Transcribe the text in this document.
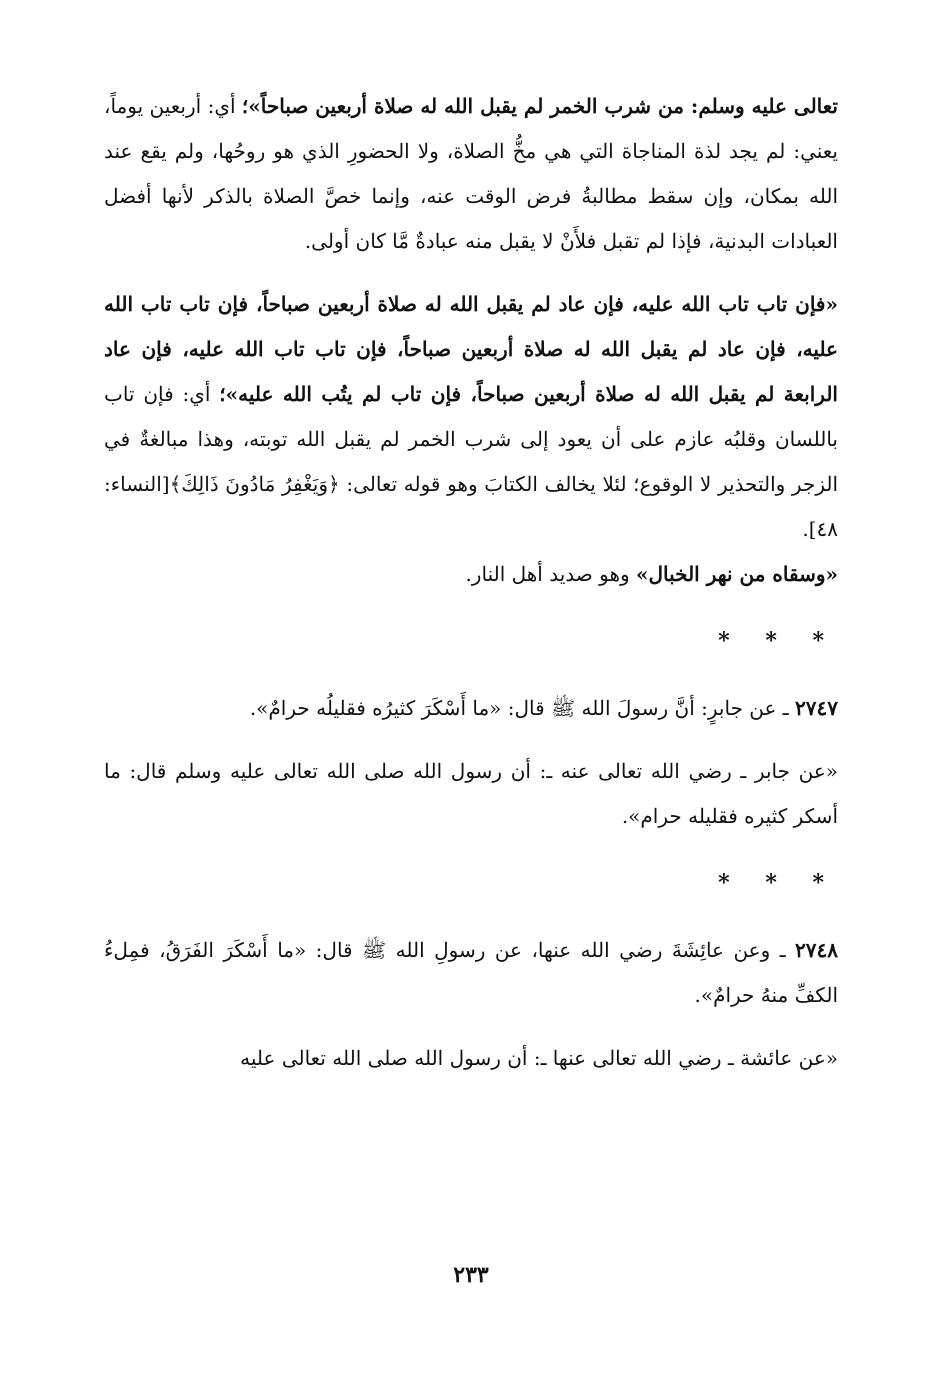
تعالى عليه وسلم: من شرب الخمر لم يقبل الله له صلاة أربعين صباحاً»؛ أي: أربعين يوماً، يعني: لم يجد لذة المناجاة التي هي مخُّ الصلاة، ولا الحضورِ الذي هو روحُها، ولم يقع عند الله بمكان، وإن سقط مطالبةُ فرض الوقت عنه، وإنما خصَّ الصلاة بالذكر لأنها أفضل العبادات البدنية، فإذا لم تقبل فلأَنْ لا يقبل منه عبادةٌ مَّا كان أولى.

«فإن تاب تاب الله عليه، فإن عاد لم يقبل الله له صلاة أربعين صباحاً، فإن تاب تاب الله عليه، فإن عاد لم يقبل الله له صلاة أربعين صباحاً، فإن تاب تاب الله عليه، فإن عاد الرابعة لم يقبل الله له صلاة أربعين صباحاً، فإن تاب لم يتُب الله عليه»؛ أي: فإن تاب باللسان وقلبُه عازم على أن يعود إلى شرب الخمر لم يقبل الله توبته، وهذا مبالغةٌ في الزجر والتحذير لا الوقوع؛ لئلا يخالف الكتابَ وهو قوله تعالى: ﴿وَيَغْفِرُ مَادُونَ ذَالِكَ﴾[النساء: ٤٨].

«وسقاه من نهر الخبال» وهو صديد أهل النار.

* * *

٢٧٤٧ ـ عن جابرٍ: أنَّ رسولَ الله ﷺ قال: «ما أَسْكَرَ كثيرُه فقليلُه حرامٌ».

«عن جابر ـ رضي الله تعالى عنه ـ: أن رسول الله صلى الله تعالى عليه وسلم قال: ما أسكر كثيره فقليله حرام».

* * *

٢٧٤٨ ـ وعن عائِشَةَ رضي الله عنها، عن رسولِ الله ﷺ قال: «ما أَسْكَرَ الفَرَقُ، فمِلءُ الكفِّ منهُ حرامٌ».

«عن عائشة ـ رضي الله تعالى عنها ـ: أن رسول الله صلى الله تعالى عليه

٢٣٣
